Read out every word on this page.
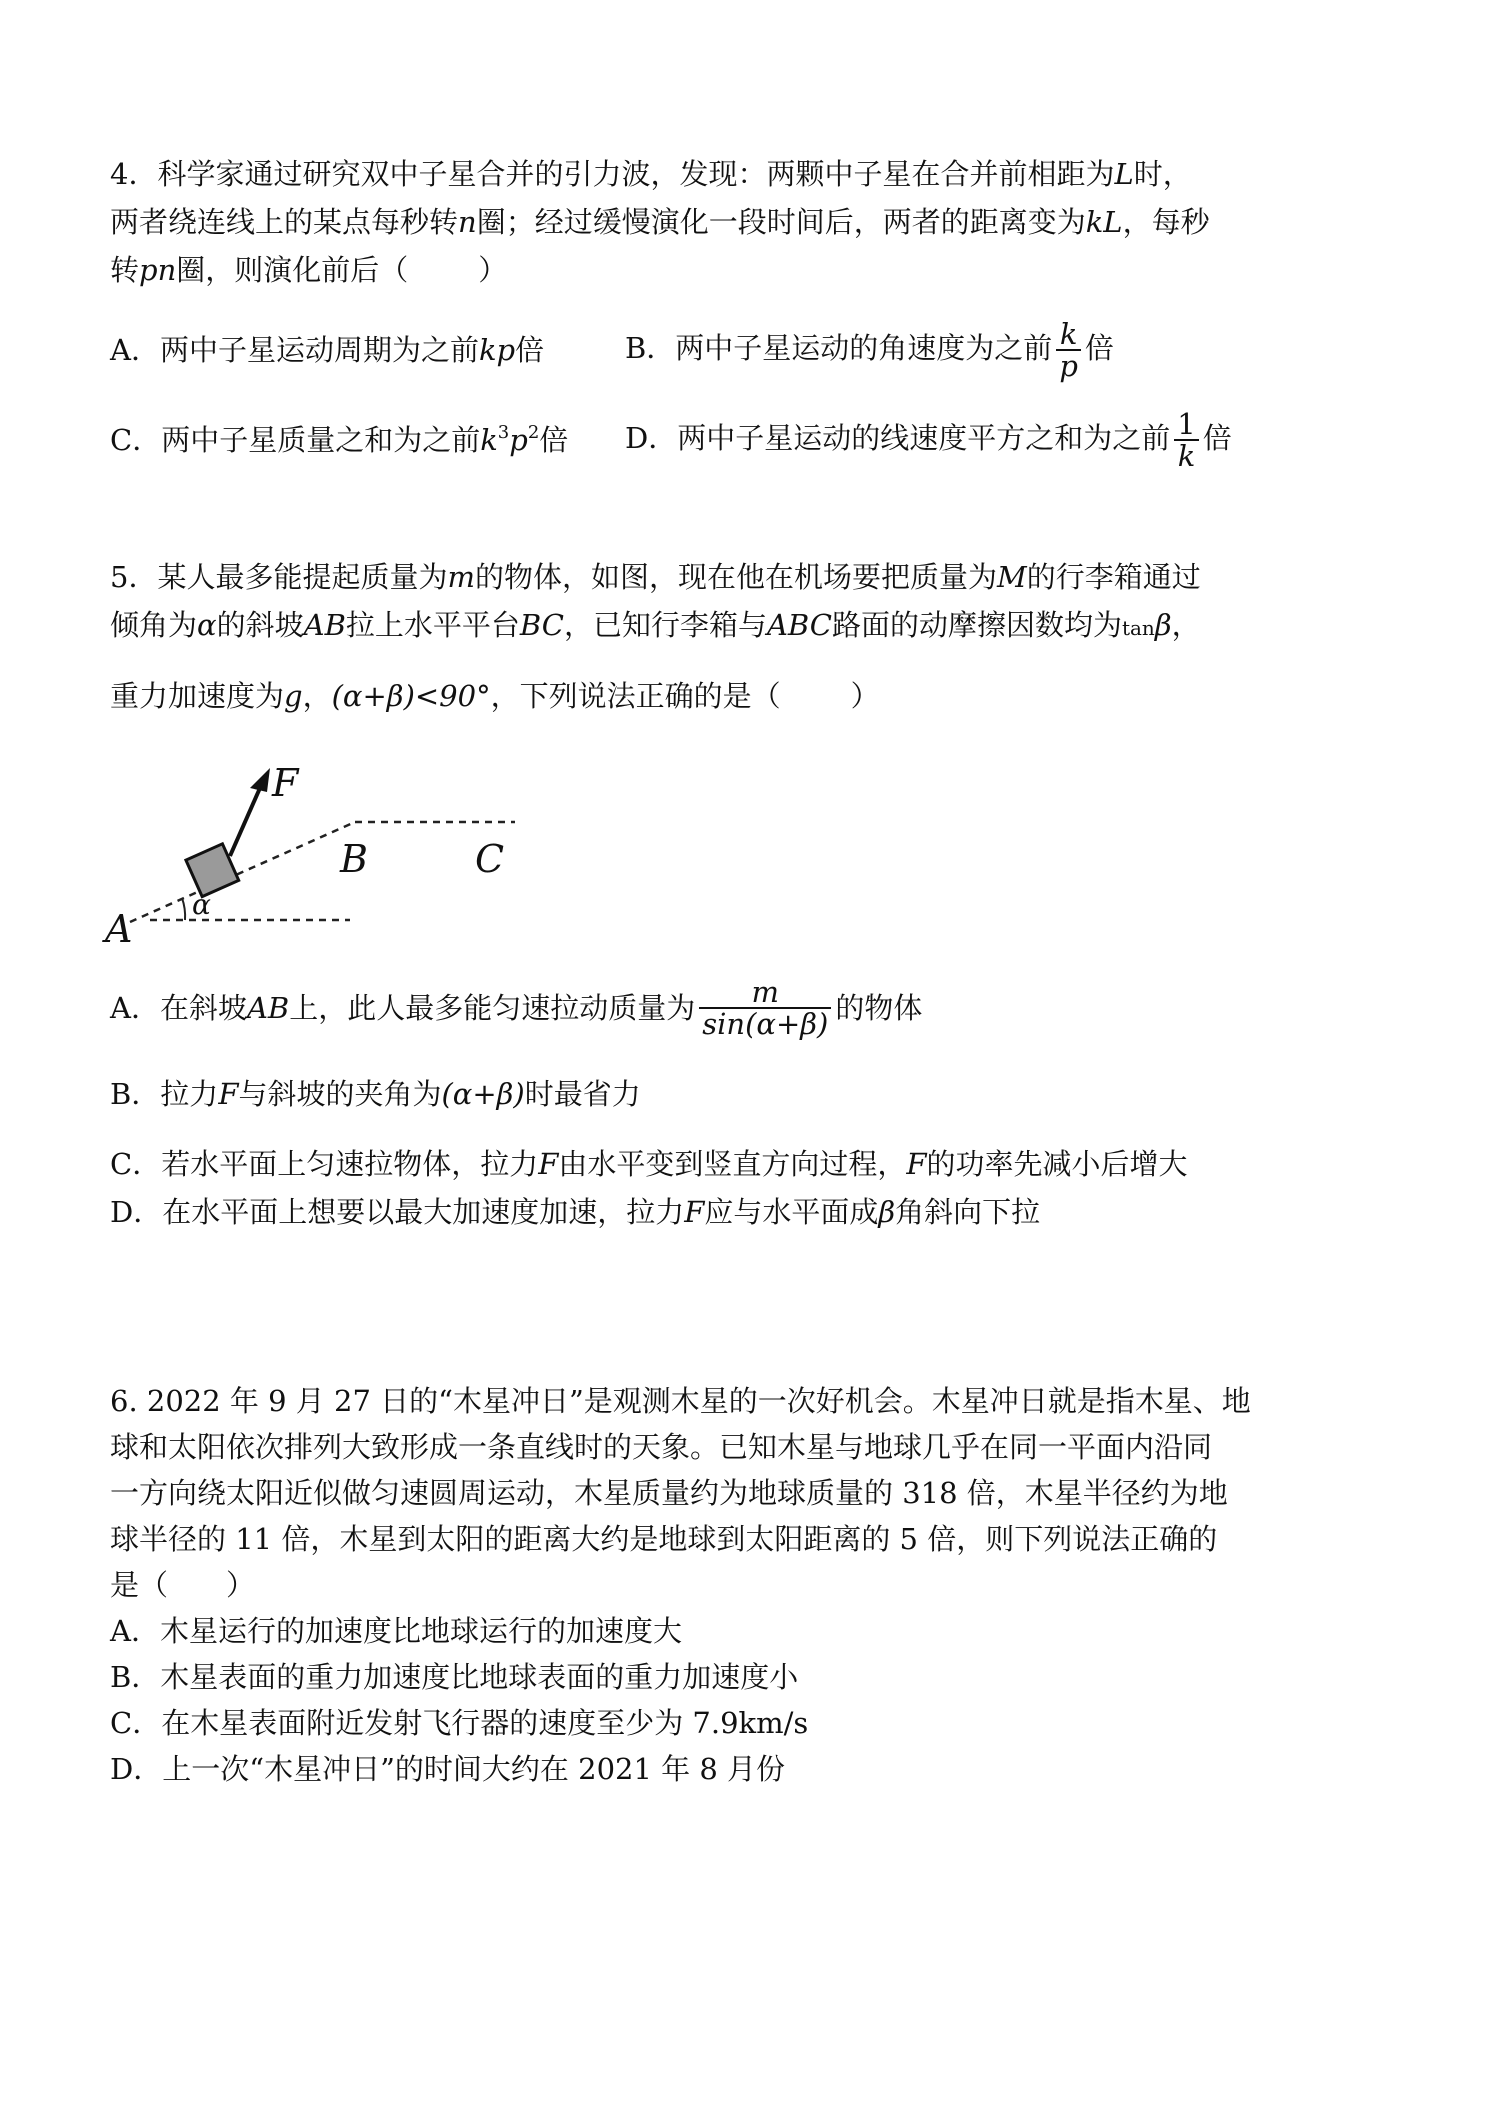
4．科学家通过研究双中子星合并的引力波，发现：两颗中子星在合并前相距为L时，
两者绕连线上的某点每秒转n圈；经过缓慢演化一段时间后，两者的距离变为kL，每秒
转pn圈，则演化前后（ ）
A．两中子星运动周期为之前kp倍	B．两中子星运动的角速度为之前 $\frac{k}{p}$ 倍
C．两中子星质量之和为之前$k^3p^2$倍	D．两中子星运动的线速度平方之和为之前 $\frac{1}{k}$ 倍
5．某人最多能提起质量为m的物体，如图，现在他在机场要把质量为M的行李箱通过
倾角为α的斜坡AB拉上水平平台BC，已知行李箱与ABC路面的动摩擦因数均为tanβ，
重力加速度为g，(α+β)<90°，下列说法正确的是（ ）
F
B	C
A
α
A．在斜坡 AB 上，此人最多能匀速拉动质量为 $\frac{m}{\sin(\alpha+\beta)}$ 的物体
B．拉力F与斜坡的夹角为(α+β)时最省力
C．若水平面上匀速拉物体，拉力F由水平变到竖直方向过程，F的功率先减小后增大
D．在水平面上想要以最大加速度加速，拉力F应与水平面成β角斜向下拉
6. 2022 年 9 月 27 日的“木星冲日”是观测木星的一次好机会。木星冲日就是指木星、地
球和太阳依次排列大致形成一条直线时的天象。已知木星与地球几乎在同一平面内沿同
一方向绕太阳近似做匀速圆周运动，木星质量约为地球质量的 318 倍，木星半径约为地
球半径的 11 倍，木星到太阳的距离大约是地球到太阳距离的 5 倍，则下列说法正确的
是（　　）
A．木星运行的加速度比地球运行的加速度大
B．木星表面的重力加速度比地球表面的重力加速度小
C．在木星表面附近发射飞行器的速度至少为 7.9km/s
D．上一次“木星冲日”的时间大约在 2021 年 8 月份
